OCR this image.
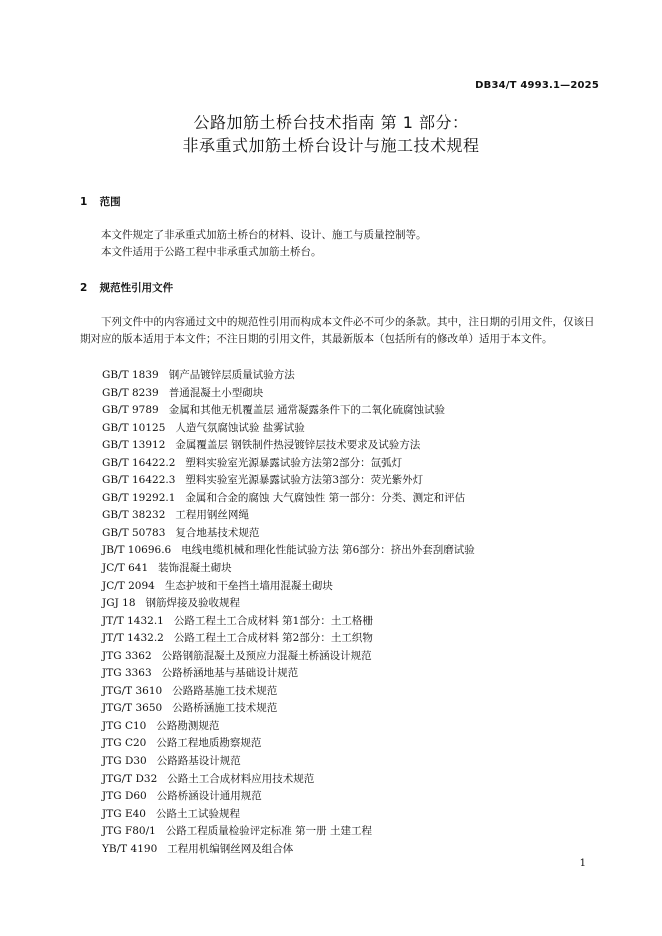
DB34/T 4993.1—2025
公路加筋土桥台技术指南 第 1 部分：
非承重式加筋土桥台设计与施工技术规程
1 范围
本文件规定了非承重式加筋土桥台的材料、设计、施工与质量控制等。
本文件适用于公路工程中非承重式加筋土桥台。
2 规范性引用文件
下列文件中的内容通过文中的规范性引用而构成本文件必不可少的条款。其中，注日期的引用文件，仅该日期对应的版本适用于本文件；不注日期的引用文件，其最新版本（包括所有的修改单）适用于本文件。
GB/T 1839 钢产品镀锌层质量试验方法
GB/T 8239 普通混凝土小型砌块
GB/T 9789 金属和其他无机覆盖层 通常凝露条件下的二氧化硫腐蚀试验
GB/T 10125 人造气氛腐蚀试验 盐雾试验
GB/T 13912 金属覆盖层 钢铁制件热浸镀锌层技术要求及试验方法
GB/T 16422.2 塑料实验室光源暴露试验方法第2部分：氙弧灯
GB/T 16422.3 塑料实验室光源暴露试验方法第3部分：荧光紫外灯
GB/T 19292.1 金属和合金的腐蚀 大气腐蚀性 第一部分：分类、测定和评估
GB/T 38232 工程用钢丝网绳
GB/T 50783 复合地基技术规范
JB/T 10696.6 电线电缆机械和理化性能试验方法 第6部分：挤出外套刮磨试验
JC/T 641 装饰混凝土砌块
JC/T 2094 生态护坡和干垒挡土墙用混凝土砌块
JGJ 18 钢筋焊接及验收规程
JT/T 1432.1 公路工程土工合成材料 第1部分：土工格栅
JT/T 1432.2 公路工程土工合成材料 第2部分：土工织物
JTG 3362 公路钢筋混凝土及预应力混凝土桥涵设计规范
JTG 3363 公路桥涵地基与基础设计规范
JTG/T 3610 公路路基施工技术规范
JTG/T 3650 公路桥涵施工技术规范
JTG C10 公路勘测规范
JTG C20 公路工程地质勘察规范
JTG D30 公路路基设计规范
JTG/T D32 公路土工合成材料应用技术规范
JTG D60 公路桥涵设计通用规范
JTG E40 公路土工试验规程
JTG F80/1 公路工程质量检验评定标准 第一册 土建工程
YB/T 4190 工程用机编钢丝网及组合体
1
